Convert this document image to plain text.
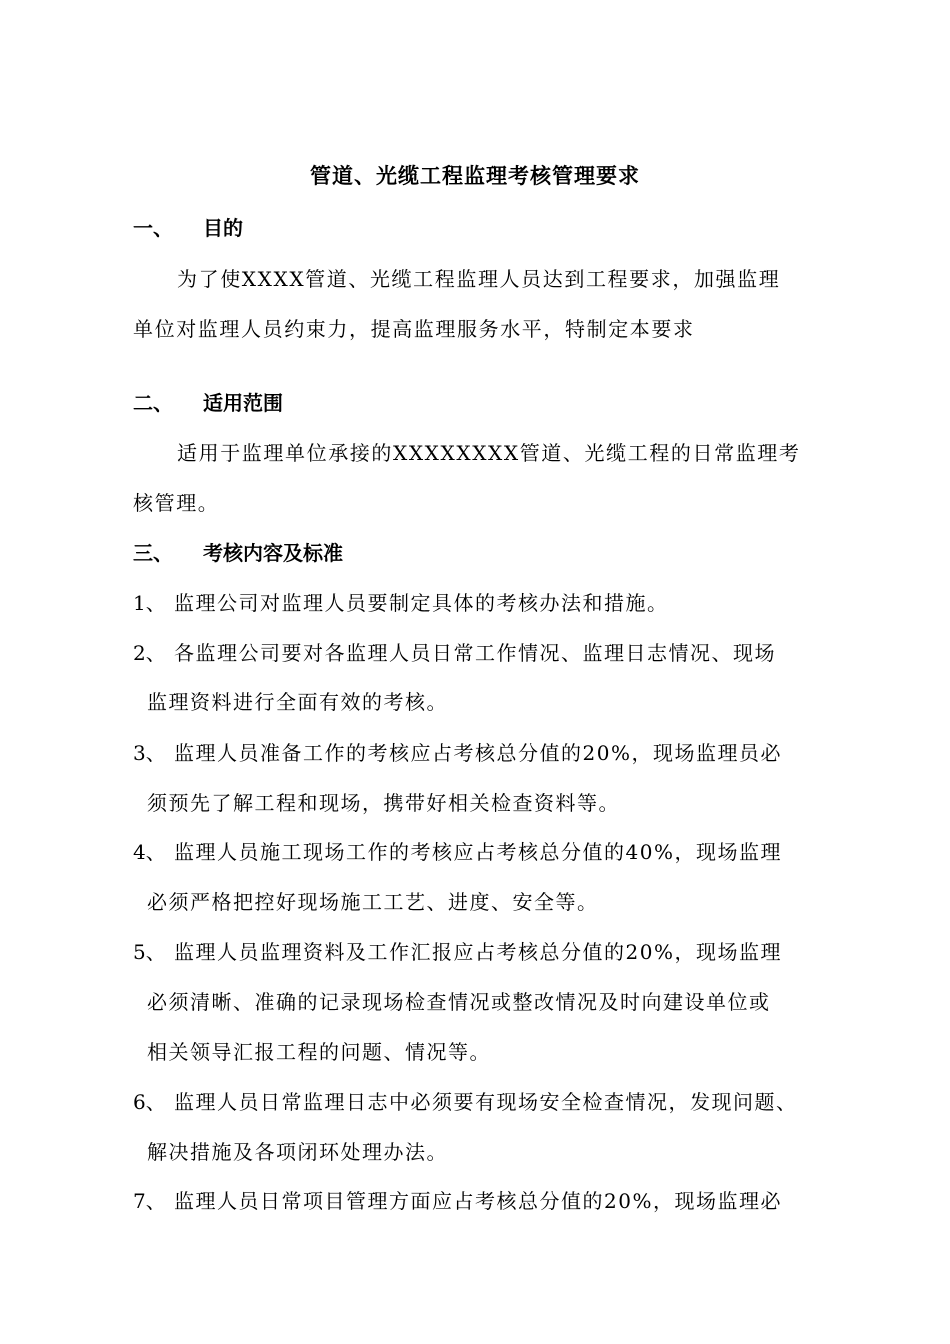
管道、光缆工程监理考核管理要求
一、 目的
为了使XXXX管道、光缆工程监理人员达到工程要求，加强监理
单位对监理人员约束力，提高监理服务水平，特制定本要求
二、 适用范围
适用于监理单位承接的XXXXXXXX管道、光缆工程的日常监理考
核管理。
三、 考核内容及标准
1、 监理公司对监理人员要制定具体的考核办法和措施。
2、 各监理公司要对各监理人员日常工作情况、监理日志情况、现场
监理资料进行全面有效的考核。
3、 监理人员准备工作的考核应占考核总分值的20%，现场监理员必
须预先了解工程和现场，携带好相关检查资料等。
4、 监理人员施工现场工作的考核应占考核总分值的40%，现场监理
必须严格把控好现场施工工艺、进度、安全等。
5、 监理人员监理资料及工作汇报应占考核总分值的20%，现场监理
必须清晰、准确的记录现场检查情况或整改情况及时向建设单位或
相关领导汇报工程的问题、情况等。
6、 监理人员日常监理日志中必须要有现场安全检查情况，发现问题、
解决措施及各项闭环处理办法。
7、 监理人员日常项目管理方面应占考核总分值的20%，现场监理必
